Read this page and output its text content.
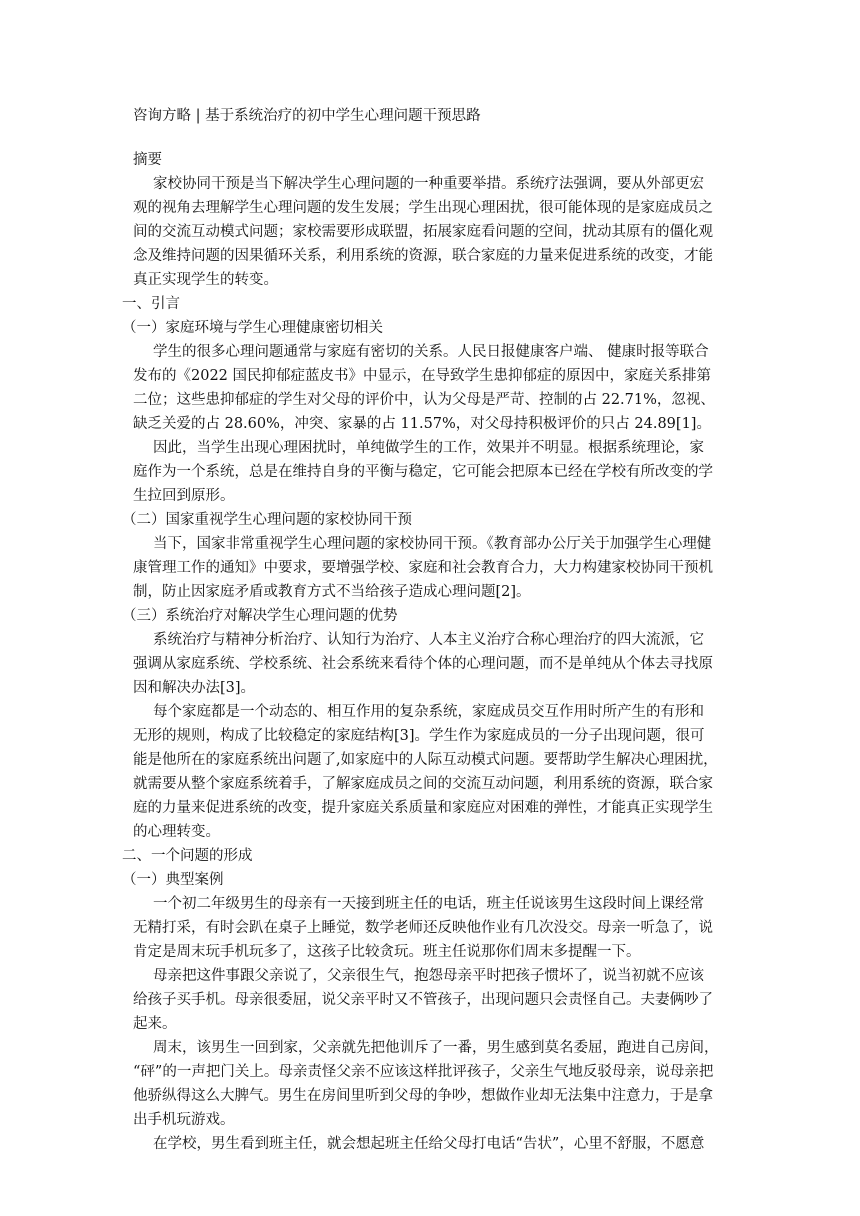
咨询方略 | 基于系统治疗的初中学生心理问题干预思路
摘要
家校协同干预是当下解决学生心理问题的一种重要举措。系统疗法强调，要从外部更宏
观的视角去理解学生心理问题的发生发展；学生出现心理困扰，很可能体现的是家庭成员之
间的交流互动模式问题；家校需要形成联盟，拓展家庭看问题的空间，扰动其原有的僵化观
念及维持问题的因果循环关系，利用系统的资源，联合家庭的力量来促进系统的改变，才能
真正实现学生的转变。
一、引言
（一）家庭环境与学生心理健康密切相关
学生的很多心理问题通常与家庭有密切的关系。人民日报健康客户端、 健康时报等联合
发布的《2022 国民抑郁症蓝皮书》中显示，在导致学生患抑郁症的原因中，家庭关系排第
二位；这些患抑郁症的学生对父母的评价中，认为父母是严苛、控制的占 22.71%，忽视、
缺乏关爱的占 28.60%，冲突、家暴的占 11.57%，对父母持积极评价的只占 24.89[1]。
因此，当学生出现心理困扰时，单纯做学生的工作，效果并不明显。根据系统理论，家
庭作为一个系统，总是在维持自身的平衡与稳定，它可能会把原本已经在学校有所改变的学
生拉回到原形。
（二）国家重视学生心理问题的家校协同干预
当下，国家非常重视学生心理问题的家校协同干预。《教育部办公厅关于加强学生心理健
康管理工作的通知》中要求，要增强学校、家庭和社会教育合力，大力构建家校协同干预机
制，防止因家庭矛盾或教育方式不当给孩子造成心理问题[2]。
（三）系统治疗对解决学生心理问题的优势
系统治疗与精神分析治疗、认知行为治疗、人本主义治疗合称心理治疗的四大流派，它
强调从家庭系统、学校系统、社会系统来看待个体的心理问题，而不是单纯从个体去寻找原
因和解决办法[3]。
每个家庭都是一个动态的、相互作用的复杂系统，家庭成员交互作用时所产生的有形和
无形的规则，构成了比较稳定的家庭结构[3]。学生作为家庭成员的一分子出现问题，很可
能是他所在的家庭系统出问题了,如家庭中的人际互动模式问题。要帮助学生解决心理困扰，
就需要从整个家庭系统着手，了解家庭成员之间的交流互动问题，利用系统的资源，联合家
庭的力量来促进系统的改变，提升家庭关系质量和家庭应对困难的弹性，才能真正实现学生
的心理转变。
二、一个问题的形成
（一）典型案例
一个初二年级男生的母亲有一天接到班主任的电话，班主任说该男生这段时间上课经常
无精打采，有时会趴在桌子上睡觉，数学老师还反映他作业有几次没交。母亲一听急了，说
肯定是周末玩手机玩多了，这孩子比较贪玩。班主任说那你们周末多提醒一下。
母亲把这件事跟父亲说了，父亲很生气，抱怨母亲平时把孩子惯坏了，说当初就不应该
给孩子买手机。母亲很委屈，说父亲平时又不管孩子，出现问题只会责怪自己。夫妻俩吵了
起来。
周末，该男生一回到家，父亲就先把他训斥了一番，男生感到莫名委屈，跑进自己房间，
“砰”的一声把门关上。母亲责怪父亲不应该这样批评孩子，父亲生气地反驳母亲，说母亲把
他骄纵得这么大脾气。男生在房间里听到父母的争吵，想做作业却无法集中注意力，于是拿
出手机玩游戏。
在学校，男生看到班主任，就会想起班主任给父母打电话“告状”，心里不舒服，不愿意
